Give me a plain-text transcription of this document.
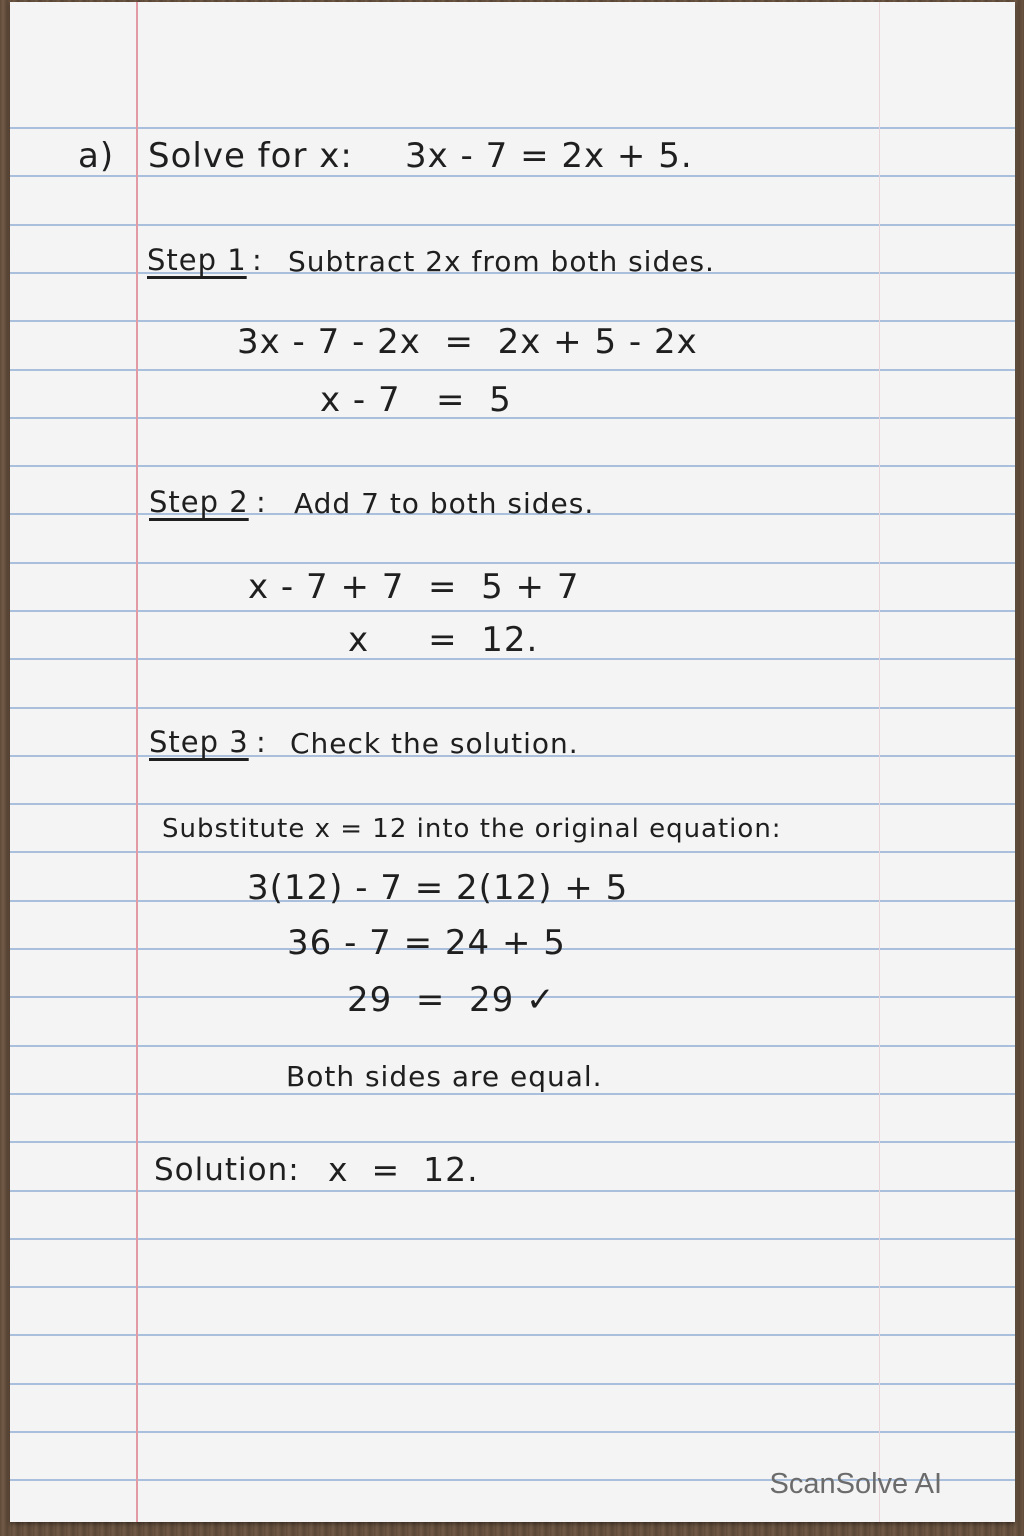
a) Solve for x: 3x - 7 = 2x + 5.
Step 1 : Subtract 2x from both sides.
3x - 7 - 2x  =  2x + 5 - 2x
x - 7   =  5
Step 2 : Add 7 to both sides.
x - 7 + 7  =  5 + 7
x     =  12.
Step 3 : Check the solution.
Substitute x = 12 into the original equation:
3(12) - 7 = 2(12) + 5
36 - 7 = 24 + 5
29  =  29 ✓
Both sides are equal.
Solution: x  =  12.
ScanSolve AI
